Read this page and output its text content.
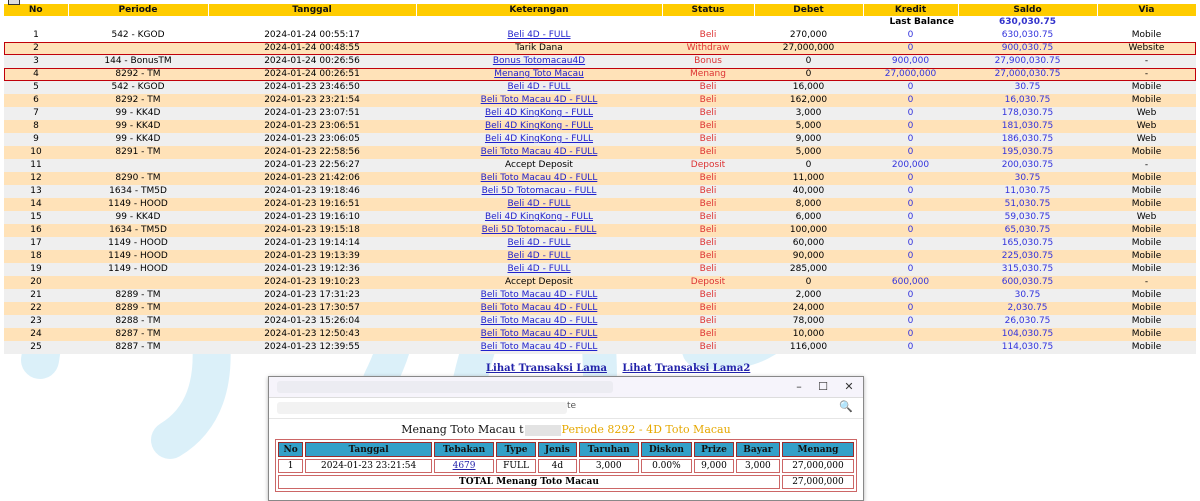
No	Periode	Tanggal	Keterangan	Status	Debet	Kredit	Saldo	Via
						Last Balance	630,030.75	
1	542 - KGOD	2024-01-24 00:55:17	Beli 4D - FULL	Beli	270,000	0	630,030.75	Mobile
2		2024-01-24 00:48:55	Tarik Dana	Withdraw	27,000,000	0	900,030.75	Website
3	144 - BonusTM	2024-01-24 00:26:56	Bonus Totomacau4D	Bonus	0	900,000	27,900,030.75	-
4	8292 - TM	2024-01-24 00:26:51	Menang Toto Macau	Menang	0	27,000,000	27,000,030.75	-
5	542 - KGOD	2024-01-23 23:46:50	Beli 4D - FULL	Beli	16,000	0	30.75	Mobile
6	8292 - TM	2024-01-23 23:21:54	Beli Toto Macau 4D - FULL	Beli	162,000	0	16,030.75	Mobile
7	99 - KK4D	2024-01-23 23:07:51	Beli 4D KingKong - FULL	Beli	3,000	0	178,030.75	Web
8	99 - KK4D	2024-01-23 23:06:51	Beli 4D KingKong - FULL	Beli	5,000	0	181,030.75	Web
9	99 - KK4D	2024-01-23 23:06:05	Beli 4D KingKong - FULL	Beli	9,000	0	186,030.75	Web
10	8291 - TM	2024-01-23 22:58:56	Beli Toto Macau 4D - FULL	Beli	5,000	0	195,030.75	Mobile
11		2024-01-23 22:56:27	Accept Deposit	Deposit	0	200,000	200,030.75	-
12	8290 - TM	2024-01-23 21:42:06	Beli Toto Macau 4D - FULL	Beli	11,000	0	30.75	Mobile
13	1634 - TM5D	2024-01-23 19:18:46	Beli 5D Totomacau - FULL	Beli	40,000	0	11,030.75	Mobile
14	1149 - HOOD	2024-01-23 19:16:51	Beli 4D - FULL	Beli	8,000	0	51,030.75	Mobile
15	99 - KK4D	2024-01-23 19:16:10	Beli 4D KingKong - FULL	Beli	6,000	0	59,030.75	Web
16	1634 - TM5D	2024-01-23 19:15:18	Beli 5D Totomacau - FULL	Beli	100,000	0	65,030.75	Mobile
17	1149 - HOOD	2024-01-23 19:14:14	Beli 4D - FULL	Beli	60,000	0	165,030.75	Mobile
18	1149 - HOOD	2024-01-23 19:13:39	Beli 4D - FULL	Beli	90,000	0	225,030.75	Mobile
19	1149 - HOOD	2024-01-23 19:12:36	Beli 4D - FULL	Beli	285,000	0	315,030.75	Mobile
20		2024-01-23 19:10:23	Accept Deposit	Deposit	0	600,000	600,030.75	-
21	8289 - TM	2024-01-23 17:31:23	Beli Toto Macau 4D - FULL	Beli	2,000	0	30.75	Mobile
22	8289 - TM	2024-01-23 17:30:57	Beli Toto Macau 4D - FULL	Beli	24,000	0	2,030.75	Mobile
23	8288 - TM	2024-01-23 15:26:04	Beli Toto Macau 4D - FULL	Beli	78,000	0	26,030.75	Mobile
24	8287 - TM	2024-01-23 12:50:43	Beli Toto Macau 4D - FULL	Beli	10,000	0	104,030.75	Mobile
25	8287 - TM	2024-01-23 12:39:55	Beli Toto Macau 4D - FULL	Beli	116,000	0	114,030.75	Mobile
Lihat Transaksi Lama Lihat Transaksi Lama2
–	☐	✕
te	🔍
Menang Toto Macau t	Periode 8292 - 4D Toto Macau
No	Tanggal	Tebakan	Type	Jenis	Taruhan	Diskon	Prize	Bayar	Menang
1	2024-01-23 23:21:54	4679	FULL	4d	3,000	0.00%	9,000	3,000	27,000,000
TOTAL Menang Toto Macau									27,000,000
